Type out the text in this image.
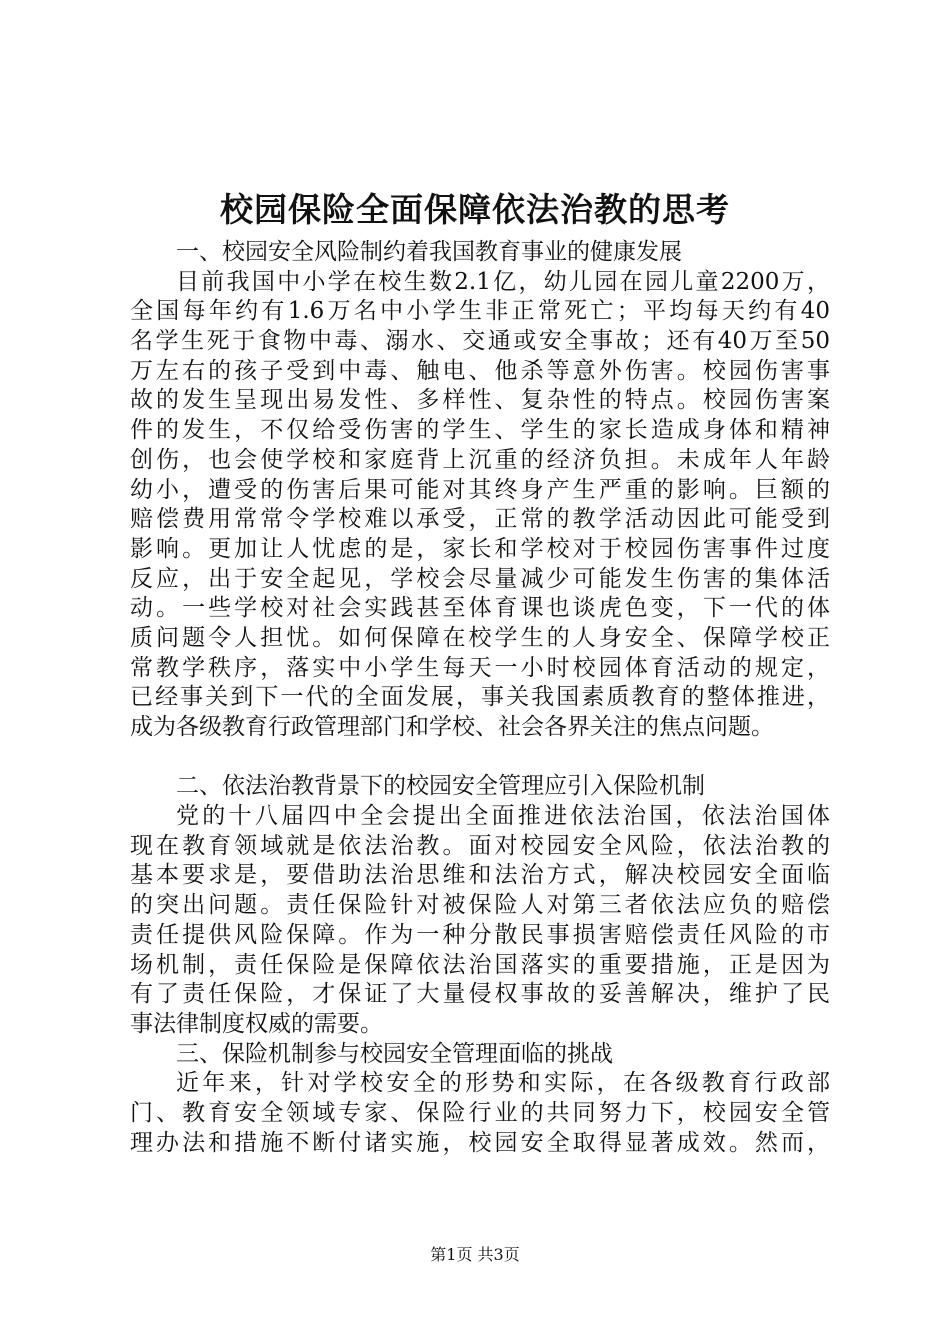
校园保险全面保障依法治教的思考
一、校园安全风险制约着我国教育事业的健康发展
目前我国中小学在校生数2.1亿，幼儿园在园儿童2200万，
全国每年约有1.6万名中小学生非正常死亡；平均每天约有40
名学生死于食物中毒、溺水、交通或安全事故；还有40万至50
万左右的孩子受到中毒、触电、他杀等意外伤害。校园伤害事
故的发生呈现出易发性、多样性、复杂性的特点。校园伤害案
件的发生，不仅给受伤害的学生、学生的家长造成身体和精神
创伤，也会使学校和家庭背上沉重的经济负担。未成年人年龄
幼小，遭受的伤害后果可能对其终身产生严重的影响。巨额的
赔偿费用常常令学校难以承受，正常的教学活动因此可能受到
影响。更加让人忧虑的是，家长和学校对于校园伤害事件过度
反应，出于安全起见，学校会尽量减少可能发生伤害的集体活
动。一些学校对社会实践甚至体育课也谈虎色变，下一代的体
质问题令人担忧。如何保障在校学生的人身安全、保障学校正
常教学秩序，落实中小学生每天一小时校园体育活动的规定，
已经事关到下一代的全面发展，事关我国素质教育的整体推进，
成为各级教育行政管理部门和学校、社会各界关注的焦点问题。
二、依法治教背景下的校园安全管理应引入保险机制
党的十八届四中全会提出全面推进依法治国，依法治国体
现在教育领域就是依法治教。面对校园安全风险，依法治教的
基本要求是，要借助法治思维和法治方式，解决校园安全面临
的突出问题。责任保险针对被保险人对第三者依法应负的赔偿
责任提供风险保障。作为一种分散民事损害赔偿责任风险的市
场机制，责任保险是保障依法治国落实的重要措施，正是因为
有了责任保险，才保证了大量侵权事故的妥善解决，维护了民
事法律制度权威的需要。
三、保险机制参与校园安全管理面临的挑战
近年来，针对学校安全的形势和实际，在各级教育行政部
门、教育安全领域专家、保险行业的共同努力下，校园安全管
理办法和措施不断付诸实施，校园安全取得显著成效。然而，
第1页 共3页
